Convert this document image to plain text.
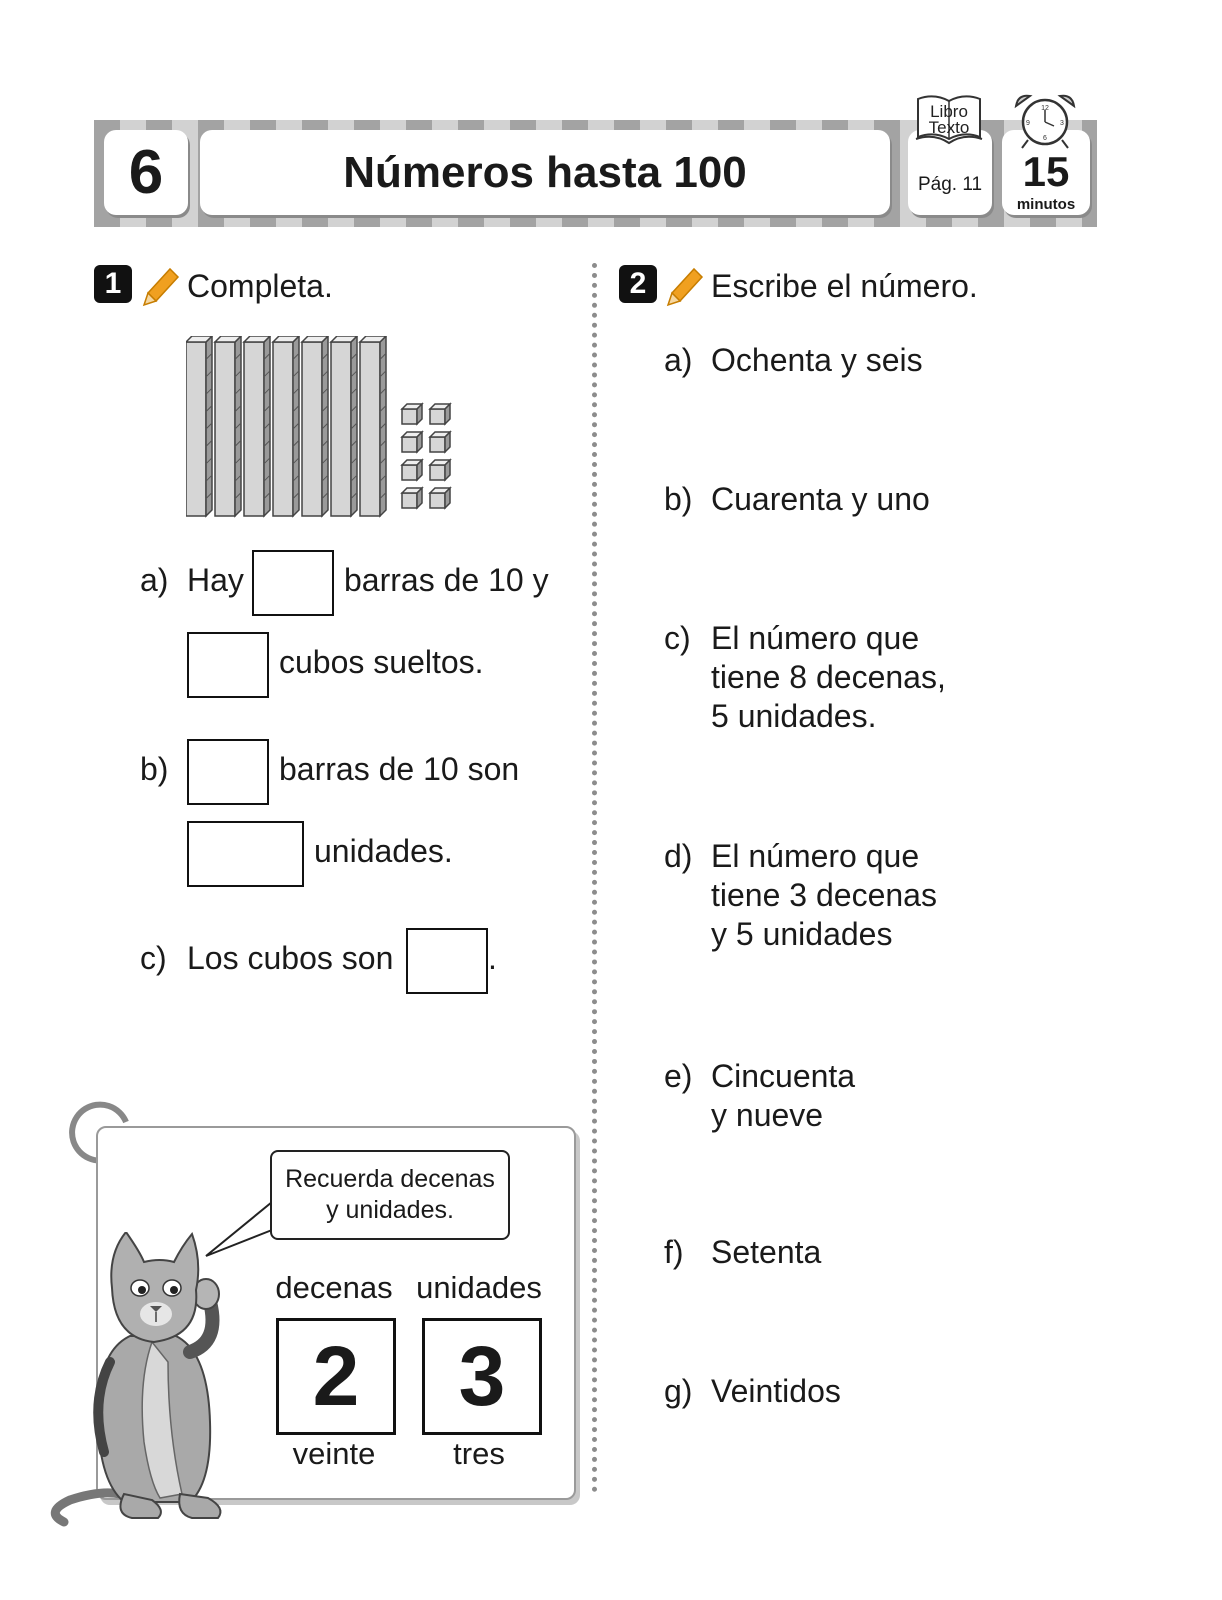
6	Números hasta 100	Pág. 11 15
minutos
Libro
Texto
12
3
6
9
1	Completa.
a) Hay	barras de 10 y
cubos sueltos.
b)	barras de 10 son
unidades.
c) Los cubos son	.
2	Escribe el número.
a) Ochenta y seis
b) Cuarenta y uno
c) El número que
tiene 8 decenas,
5 unidades.
d) El número que
tiene 3 decenas
y 5 unidades
e) Cincuenta
y nueve
f) Setenta
g) Veintidos
Recuerda decenas
y unidades.
decenas unidades
2	3
veinte	tres
